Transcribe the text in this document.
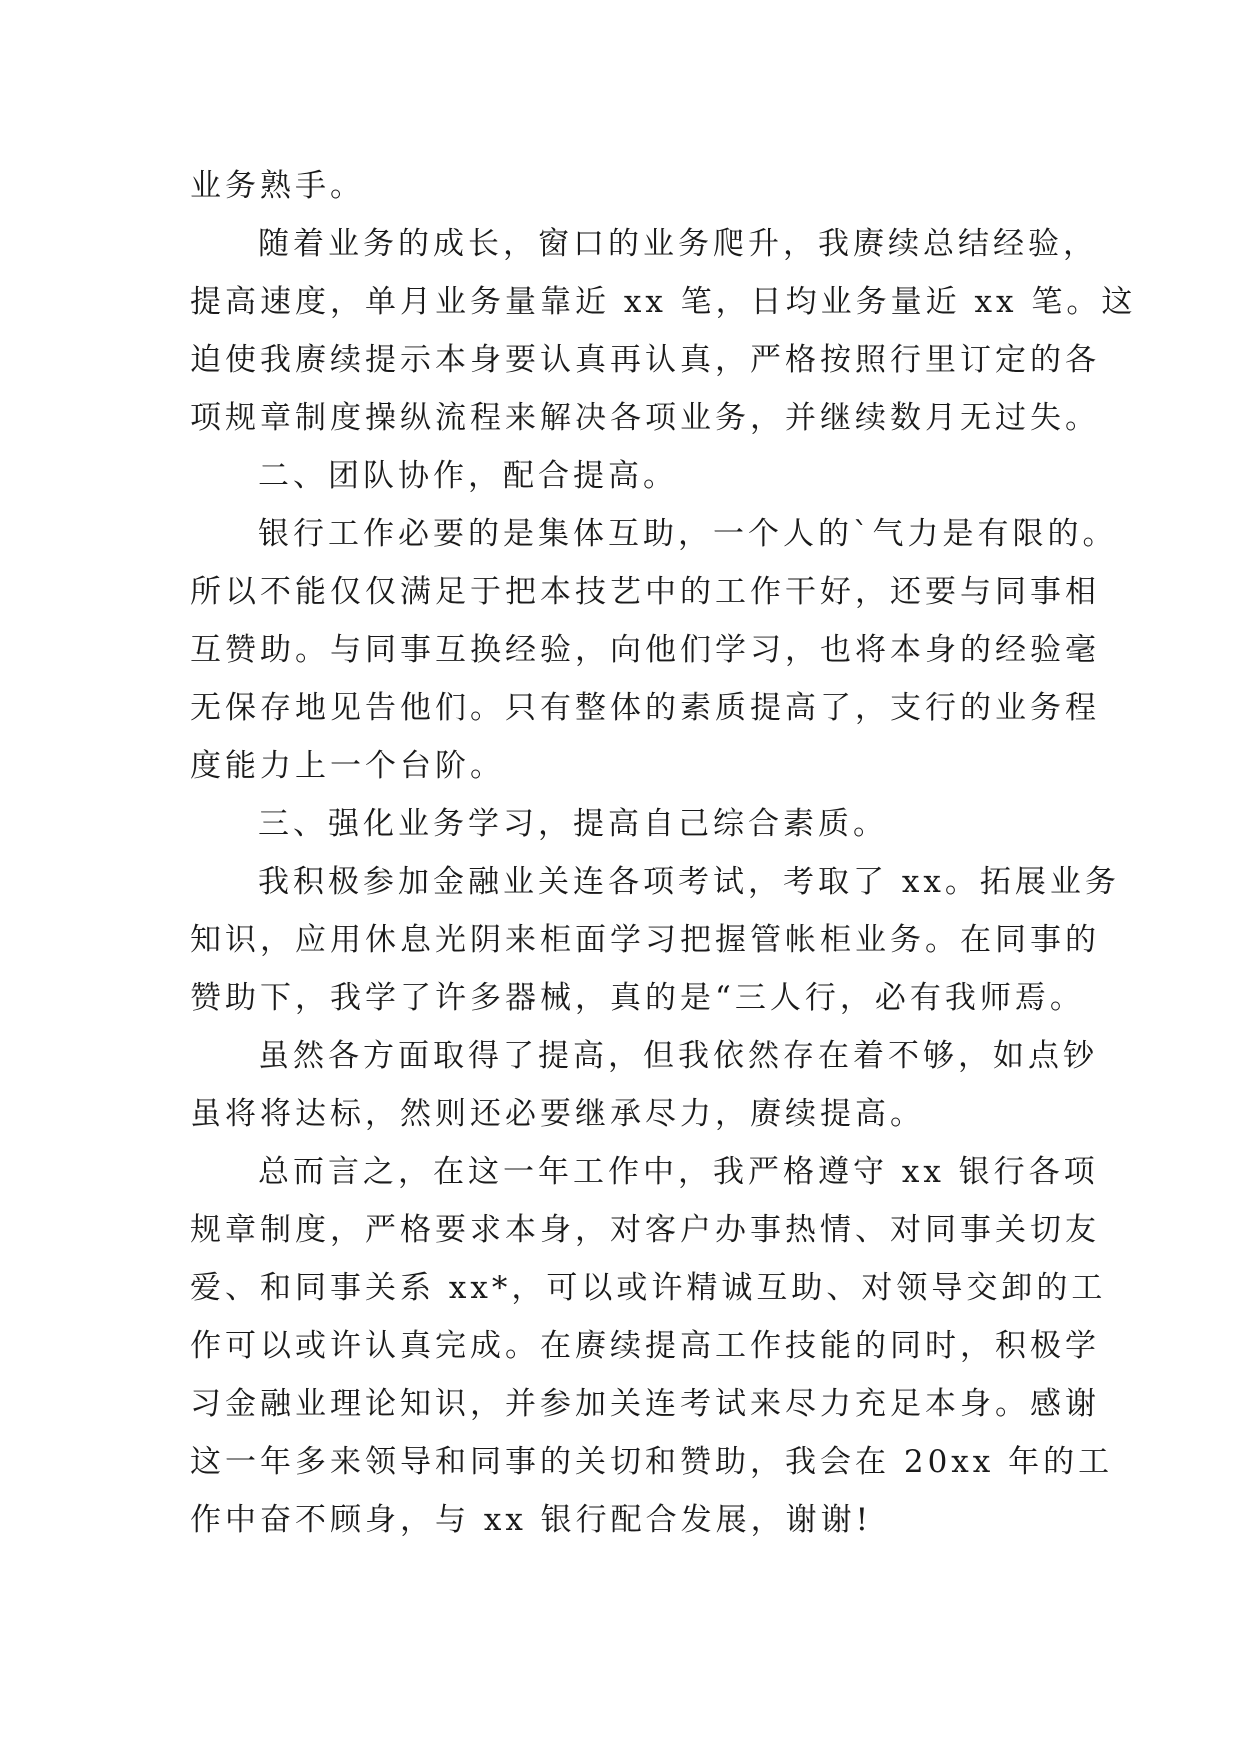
业务熟手。
随着业务的成长，窗口的业务爬升，我赓续总结经验，
提高速度，单月业务量靠近 xx 笔，日均业务量近 xx 笔。这
迫使我赓续提示本身要认真再认真，严格按照行里订定的各
项规章制度操纵流程来解决各项业务，并继续数月无过失。
二、团队协作，配合提高。
银行工作必要的是集体互助，一个人的`气力是有限的。
所以不能仅仅满足于把本技艺中的工作干好，还要与同事相
互赞助。与同事互换经验，向他们学习，也将本身的经验毫
无保存地见告他们。只有整体的素质提高了，支行的业务程
度能力上一个台阶。
三、强化业务学习，提高自己综合素质。
我积极参加金融业关连各项考试，考取了 xx。拓展业务
知识，应用休息光阴来柜面学习把握管帐柜业务。在同事的
赞助下，我学了许多器械，真的是“三人行，必有我师焉。
虽然各方面取得了提高，但我依然存在着不够，如点钞
虽将将达标，然则还必要继承尽力，赓续提高。
总而言之，在这一年工作中，我严格遵守 xx 银行各项
规章制度，严格要求本身，对客户办事热情、对同事关切友
爱、和同事关系 xx*，可以或许精诚互助、对领导交卸的工
作可以或许认真完成。在赓续提高工作技能的同时，积极学
习金融业理论知识，并参加关连考试来尽力充足本身。感谢
这一年多来领导和同事的关切和赞助，我会在 20xx 年的工
作中奋不顾身，与 xx 银行配合发展，谢谢!
